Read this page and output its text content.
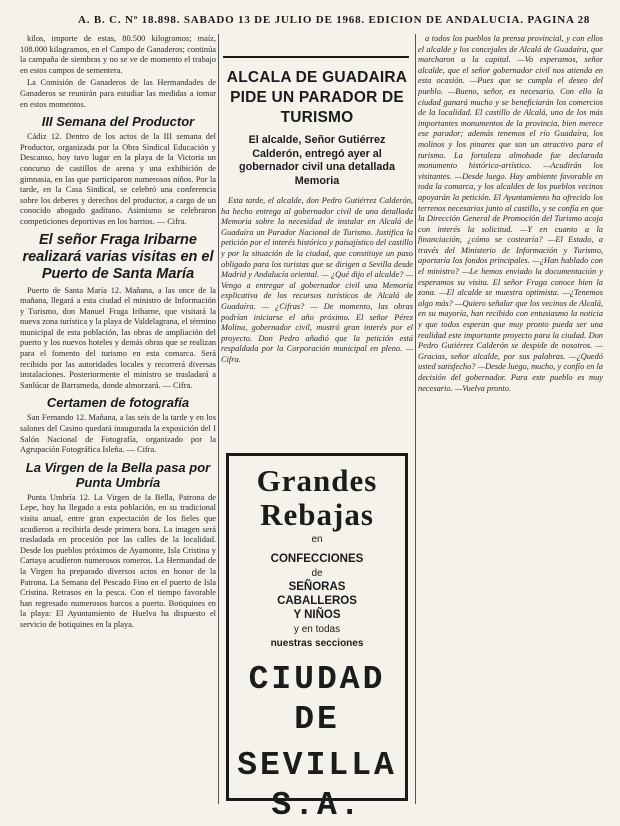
A. B. C. Nº 18.898. SABADO 13 DE JULIO DE 1968. EDICION DE ANDALUCIA. PAGINA 28

kilos, importe de estas, 80.500 kilogramos; maíz, 108.000 kilogramos, en el Campo de Ganaderos; continúa la campaña de siembras y no se ve de momento el trabajo en estos campos de sementera.

La Comisión de Ganaderos de las Hermandades de Ganaderos se reunirán para estudiar las medidas a tomar en estos momentos.

III Semana del Productor

Cádiz 12. Dentro de los actos de la III semana del Productor, organizada por la Obra Sindical Educación y Descanso, hoy tuvo lugar en la playa de la Victoria un concurso de castillos de arena y una exhibición de gimnasia, en las que participaron numerosos niños. Por la tarde, en la Casa Sindical, se celebró una conferencia sobre los deberes y derechos del productor, a cargo de un conocido abogado gaditano. Asimismo se celebraron competiciones deportivas en los barrios. — Cifra.

El señor Fraga Iribarne realizará varias visitas en el Puerto de Santa María

Puerto de Santa María 12. Mañana, a las once de la mañana, llegará a esta ciudad el ministro de Información y Turismo, don Manuel Fraga Iribarne, que visitará la nueva zona turística y la playa de Valdelagrana, el término municipal de esta población, las obras de ampliación del puerto y los nuevos hoteles y demás obras que se realizan para el fomento del turismo en esta comarca. Será recibido por las autoridades locales y recorrerá diversas instalaciones. Posteriormente el ministro se trasladará a Sanlúcar de Barrameda, donde almorzará. — Cifra.

Certamen de fotografía

San Fernando 12. Mañana, a las seis de la tarde y en los salones del Casino quedará inaugurada la exposición del I Salón Nacional de Fotografía, organizado por la Agrupación Fotográfica Isleña. — Cifra.

La Virgen de la Bella pasa por Punta Umbría

Punta Umbría 12. La Virgen de la Bella, Patrona de Lepe, hoy ha llegado a esta población, en su tradicional visita anual, entre gran expectación de los fieles que acudieron a recibirla desde primera hora. La imagen será trasladada en procesión por las calles de la localidad. Desde los pueblos próximos de Ayamonte, Isla Cristina y Cartaya acudieron numerosos romeros. La Hermandad de la Virgen ha preparado diversos actos en honor de la Patrona. La Semana del Pescado Fino en el puerto de Isla Cristina. Retrasos en la pesca. Con el tiempo favorable han regresado numerosos barcos a puerto. Botiquines en la playa: El Ayuntamiento de Huelva ha dispuesto el servicio de botiquines en la playa.

ALCALA DE GUADAIRA PIDE UN PARADOR DE TURISMO
El alcalde, Señor Gutiérrez Calderón, entregó ayer al gobernador civil una detallada Memoria

Esta tarde, el alcalde, don Pedro Gutiérrez Calderón, ha hecho entrega al gobernador civil de una detallada Memoria sobre la necesidad de instalar en Alcalá de Guadaíra un Parador Nacional de Turismo. Justifica la petición por el interés histórico y paisajístico del castillo y por la situación de la ciudad, que constituye un paso obligado para los turistas que se dirigen a Sevilla desde Madrid y Andalucía oriental. — ¿Qué dijo el alcalde? — Vengo a entregar al gobernador civil una Memoria explicativa de los recursos turísticos de Alcalá de Guadaíra. — ¿Cifras? — De momento, las obras podrían iniciarse el año próximo. El señor Pérez Molina, gobernador civil, mostró gran interés por el proyecto. Don Pedro añadió que la petición está respaldada por la Corporación municipal en pleno. — Cifra.

Grandes
Rebajas
en
CONFECCIONES
de
SEÑORAS
CABALLEROS
Y NIÑOS
y en todas
nuestras secciones
CIUDAD DE
SEVILLA S.A.

a todos los pueblos la prensa provincial, y con ellos el alcalde y los concejales de Alcalá de Guadaíra, que marcharon a la capital. —Vo esperamos, señor alcalde, que el señor gobernador civil nos atienda en esta ocasión. —Pues que se cumpla el deseo del pueblo. —Bueno, señor, es necesario. Con ello la ciudad ganará mucho y se beneficiarán los comercios de la localidad. El castillo de Alcalá, uno de los más importantes monumentos de la provincia, bien merece ese parador; además tenemos el río Guadaíra, los molinos y los pinares que son un atractivo para el turismo. La fortaleza almohade fue declarada monumento histórico-artístico. —Acudirán los visitantes. —Desde luego. Hay ambiente favorable en toda la comarca, y los alcaldes de los pueblos vecinos apoyarán la petición. El Ayuntamiento ha ofrecido los terrenos necesarios junto al castillo, y se confía en que la Dirección General de Promoción del Turismo acoja con interés la solicitud. —Y en cuanto a la financiación, ¿cómo se costearía? —El Estado, a través del Ministerio de Información y Turismo, aportaría los fondos principales. —¿Han hablado con el ministro? —Le hemos enviado la documentación y esperamos su visita. El señor Fraga conoce bien la zona. —El alcalde se muestra optimista. —¿Tenemos algo más? —Quiero señalar que los vecinos de Alcalá, en su mayoría, han recibido con entusiasmo la noticia y que todos esperan que muy pronto pueda ser una realidad este importante proyecto para la ciudad. Don Pedro Gutiérrez Calderón se despide de nosotros. —Gracias, señor alcalde, por sus palabras. —¿Quedó usted satisfecho? —Desde luego, mucho, y confío en la decisión del gobernador. Para este pueblo es muy necesario. —Vuelva pronto.
